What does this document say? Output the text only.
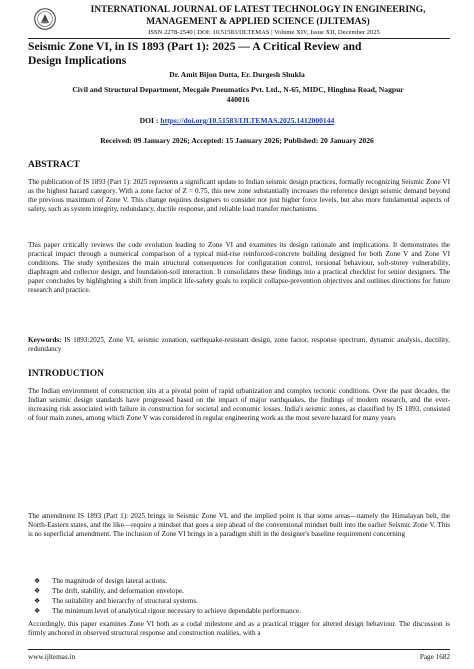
INTERNATIONAL JOURNAL OF LATEST TECHNOLOGY IN ENGINEERING,
MANAGEMENT & APPLIED SCIENCE (IJLTEMAS)
ISSN 2278-2540 | DOI: 10.51583/IJLTEMAS | Volume XIV, Issue XII, December 2025
Seismic Zone VI, in IS 1893 (Part 1): 2025 — A Critical Review and
Design Implications
Dr. Amit Bijon Dutta, Er. Durgesh Shukla
Civil and Structural Department, Mecgale Pneumatics Pvt. Ltd., N-65, MIDC, Hinghna Road, Nagpur
440016
DOI : https://doi.org/10.51583/IJLTEMAS.2025.1412000144
Received: 09 January 2026; Accepted: 15 January 2026; Published: 20 January 2026
ABSTRACT
The publication of IS 1893 (Part 1): 2025 represents a significant update to Indian seismic design practices, formally recognizing Seismic Zone VI as the highest hazard category. With a zone factor of Z = 0.75, this new zone substantially increases the reference design seismic demand beyond the previous maximum of Zone V. This change requires designers to consider not just higher force levels, but also more fundamental aspects of safety, such as system integrity, redundancy, ductile response, and reliable load transfer mechanisms.
This paper critically reviews the code evolution leading to Zone VI and examines its design rationale and implications. It demonstrates the practical impact through a numerical comparison of a typical mid-rise reinforced-concrete building designed for both Zone V and Zone VI conditions. The study synthesizes the main structural consequences for configuration control, torsional behaviour, soft-storey vulnerability, diaphragm and collector design, and foundation-soil interaction. It consolidates these findings into a practical checklist for senior designers. The paper concludes by highlighting a shift from implicit life-safety goals to explicit collapse-prevention objectives and outlines directions for future research and practice.
Keywords: IS 1893:2025, Zone VI, seismic zonation, earthquake-resistant design, zone factor, response spectrum, dynamic analysis, ductility, redundancy
INTRODUCTION
The Indian environment of construction sits at a pivotal point of rapid urbanization and complex tectonic conditions. Over the past decades, the Indian seismic design standards have progressed based on the impact of major earthquakes, the findings of modern research, and the ever-increasing risk associated with failure in construction for societal and economic losses. India's seismic zones, as classified by IS 1893, consisted of four main zones, among which Zone V was considered in regular engineering work as the most severe hazard for many years
The amendment IS 1893 (Part 1): 2025 brings in Seismic Zone VI, and the implied point is that some areas—namely the Himalayan belt, the North-Eastern states, and the like—require a mindset that goes a step ahead of the conventional mindset built into the earlier Seismic Zone V. This is no superficial amendment. The inclusion of Zone VI brings in a paradigm shift in the designer's baseline requirement concerning
❖	The magnitude of design lateral actions.
❖	The drift, stability, and deformation envelope.
❖	The suitability and hierarchy of structural systems.
❖	The minimum level of analytical rigour necessary to achieve dependable performance.
Accordingly, this paper examines Zone VI both as a codal milestone and as a practical trigger for altered design behaviour. The discussion is firmly anchored in observed structural response and construction realities, with a
www.ijltemas.in	Page 1682
